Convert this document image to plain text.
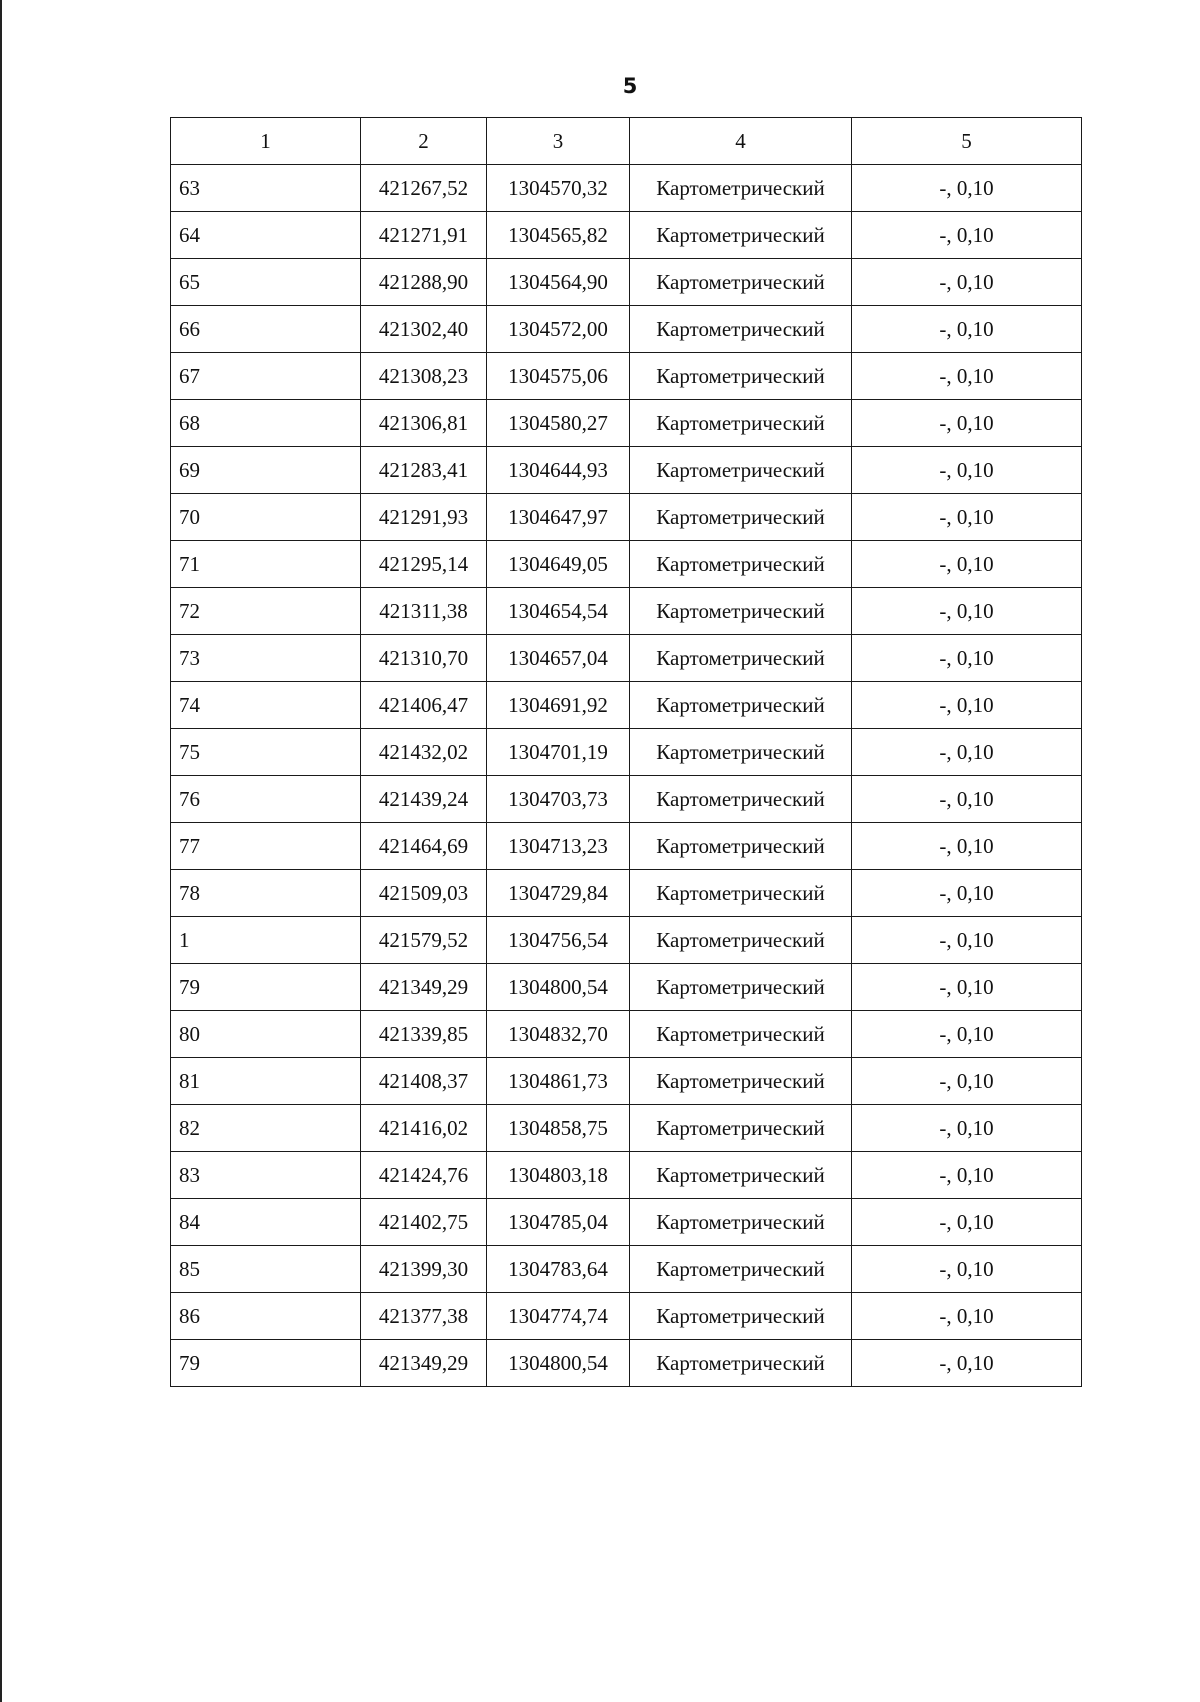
5
1	2	3	4	5
63	421267,52	1304570,32	Картометрический	-, 0,10
64	421271,91	1304565,82	Картометрический	-, 0,10
65	421288,90	1304564,90	Картометрический	-, 0,10
66	421302,40	1304572,00	Картометрический	-, 0,10
67	421308,23	1304575,06	Картометрический	-, 0,10
68	421306,81	1304580,27	Картометрический	-, 0,10
69	421283,41	1304644,93	Картометрический	-, 0,10
70	421291,93	1304647,97	Картометрический	-, 0,10
71	421295,14	1304649,05	Картометрический	-, 0,10
72	421311,38	1304654,54	Картометрический	-, 0,10
73	421310,70	1304657,04	Картометрический	-, 0,10
74	421406,47	1304691,92	Картометрический	-, 0,10
75	421432,02	1304701,19	Картометрический	-, 0,10
76	421439,24	1304703,73	Картометрический	-, 0,10
77	421464,69	1304713,23	Картометрический	-, 0,10
78	421509,03	1304729,84	Картометрический	-, 0,10
1	421579,52	1304756,54	Картометрический	-, 0,10
79	421349,29	1304800,54	Картометрический	-, 0,10
80	421339,85	1304832,70	Картометрический	-, 0,10
81	421408,37	1304861,73	Картометрический	-, 0,10
82	421416,02	1304858,75	Картометрический	-, 0,10
83	421424,76	1304803,18	Картометрический	-, 0,10
84	421402,75	1304785,04	Картометрический	-, 0,10
85	421399,30	1304783,64	Картометрический	-, 0,10
86	421377,38	1304774,74	Картометрический	-, 0,10
79	421349,29	1304800,54	Картометрический	-, 0,10
